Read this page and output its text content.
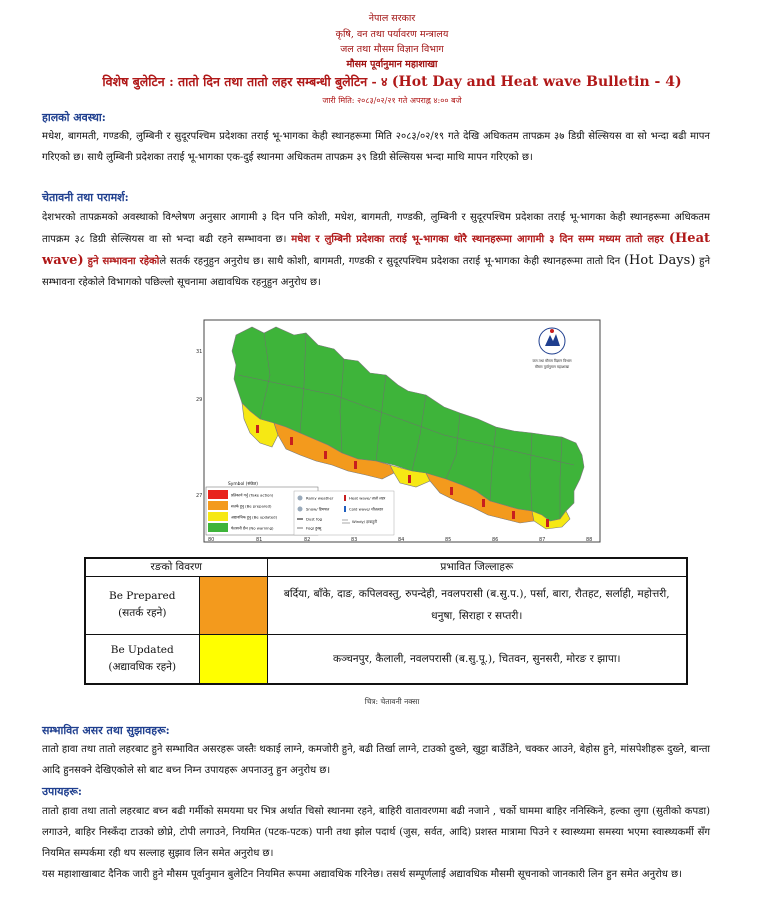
नेपाल सरकार
कृषि, वन तथा पर्यावरण मन्त्रालय
जल तथा मौसम विज्ञान विभाग
मौसम पूर्वानुमान महाशाखा
विशेष बुलेटिन : तातो दिन तथा तातो लहर सम्बन्धी बुलेटिन - ४ (Hot Day and Heat wave Bulletin - 4)
जारी मिति: २०८३/०२/२१ गते अपराह्न ४:०० बजे
हालको अवस्था:
मधेश, बागमती, गण्डकी, लुम्बिनी र सुदूरपश्चिम प्रदेशका तराई भू-भागका केही स्थानहरूमा मिति २०८३/०२/१९ गते देखि अधिकतम तापक्रम ३७ डिग्री सेल्सियस वा सो भन्दा बढी मापन गरिएको छ। साथै लुम्बिनी प्रदेशका तराई भू-भागका एक-दुई स्थानमा अधिकतम तापक्रम ३९ डिग्री सेल्सियस भन्दा माथि मापन गरिएको छ।
चेतावनी तथा परामर्श:
देशभरको तापक्रमको अवस्थाको विश्लेषण अनुसार आगामी ३ दिन पनि कोशी, मधेश, बागमती, गण्डकी, लुम्बिनी र सुदूरपश्चिम प्रदेशका तराई भू-भागका केही स्थानहरूमा अधिकतम तापक्रम ३८ डिग्री सेल्सियस वा सो भन्दा बढी रहने सम्भावना छ। मधेश र लुम्बिनी प्रदेशका तराई भू-भागका थोरै स्थानहरूमा आगामी ३ दिन सम्म मध्यम तातो लहर (Heat wave) हुने सम्भावना रहेकोले सतर्क रहनुहुन अनुरोध छ। साथै कोशी, बागमती, गण्डकी र सुदूरपश्चिम प्रदेशका तराई भू-भागका केही स्थानहरूमा तातो दिन (Hot Days) हुने सम्भावना रहेकोले विभागको पछिल्लो सूचनामा अद्यावधिक रहनुहुन अनुरोध छ।
31
29
27
80	81	82	83	84	85	86	87	88
जल तथा मौसम विज्ञान विभाग
मौसम पूर्वानुमान महाशाखा
Symbol (संकेत)
प्रतिकार्य गर्नु (Take action)
सतर्क हुनु (Be prepared)
अद्यावधिक हुनु (Be updated)
चेतावनी छैन (No warning)
Rainy weather
Snow/ हिमपात
Heat wave/ तातो लहर
Cold wave/ शीतलहर
Dust fog
Fog/ हुस्सु
Windy/ हावाहुरी
रङको विवरण		प्रभावित जिल्लाहरू

Be Prepared
(सतर्क रहने)		बर्दिया, बाँके, दाङ, कपिलवस्तु, रुपन्देही, नवलपरासी (ब.सु.प.), पर्सा, बारा, रौतहट, सर्लाही, महोत्तरी, धनुषा, सिराहा र सप्तरी।

Be Updated
(अद्यावधिक रहने)		कञ्चनपुर, कैलाली, नवलपरासी (ब.सु.पू.), चितवन, सुनसरी, मोरङ र झापा।
चित्र: चेतावनी नक्सा
सम्भावित असर तथा सुझावहरू:
तातो हावा तथा तातो लहरबाट हुने सम्भावित असरहरू जस्तैः थकाई लाग्ने, कमजोरी हुने, बढी तिर्खा लाग्ने, टाउको दुख्ने, खुट्टा बाउँडिने, चक्कर आउने, बेहोस हुने, मांसपेशीहरू दुख्ने, बान्ता आदि हुनसक्ने देखिएकोले सो बाट बच्न निम्न उपायहरू अपनाउनु हुन अनुरोध छ।
उपायहरू:
तातो हावा तथा तातो लहरबाट बच्न बढी गर्मीको समयमा घर भित्र अर्थात चिसो स्थानमा रहने, बाहिरी वातावरणमा बढी नजाने , चर्को घाममा बाहिर ननिस्किने, हल्का लुगा (सुतीको कपडा) लगाउने, बाहिर निस्कँदा टाउको छोप्ने, टोपी लगाउने, नियमित (पटक-पटक) पानी तथा झोल पदार्थ (जुस, सर्वत, आदि) प्रशस्त मात्रामा पिउने र स्वास्थ्यमा समस्या भएमा स्वास्थ्यकर्मी सँग नियमित सम्पर्कमा रही थप सल्लाह सुझाव लिन समेत अनुरोध छ।
यस महाशाखाबाट दैनिक जारी हुने मौसम पूर्वानुमान बुलेटिन नियमित रूपमा अद्यावधिक गरिनेछ। तसर्थ सम्पूर्णलाई अद्यावधिक मौसमी सूचनाको जानकारी लिन हुन समेत अनुरोध छ।
